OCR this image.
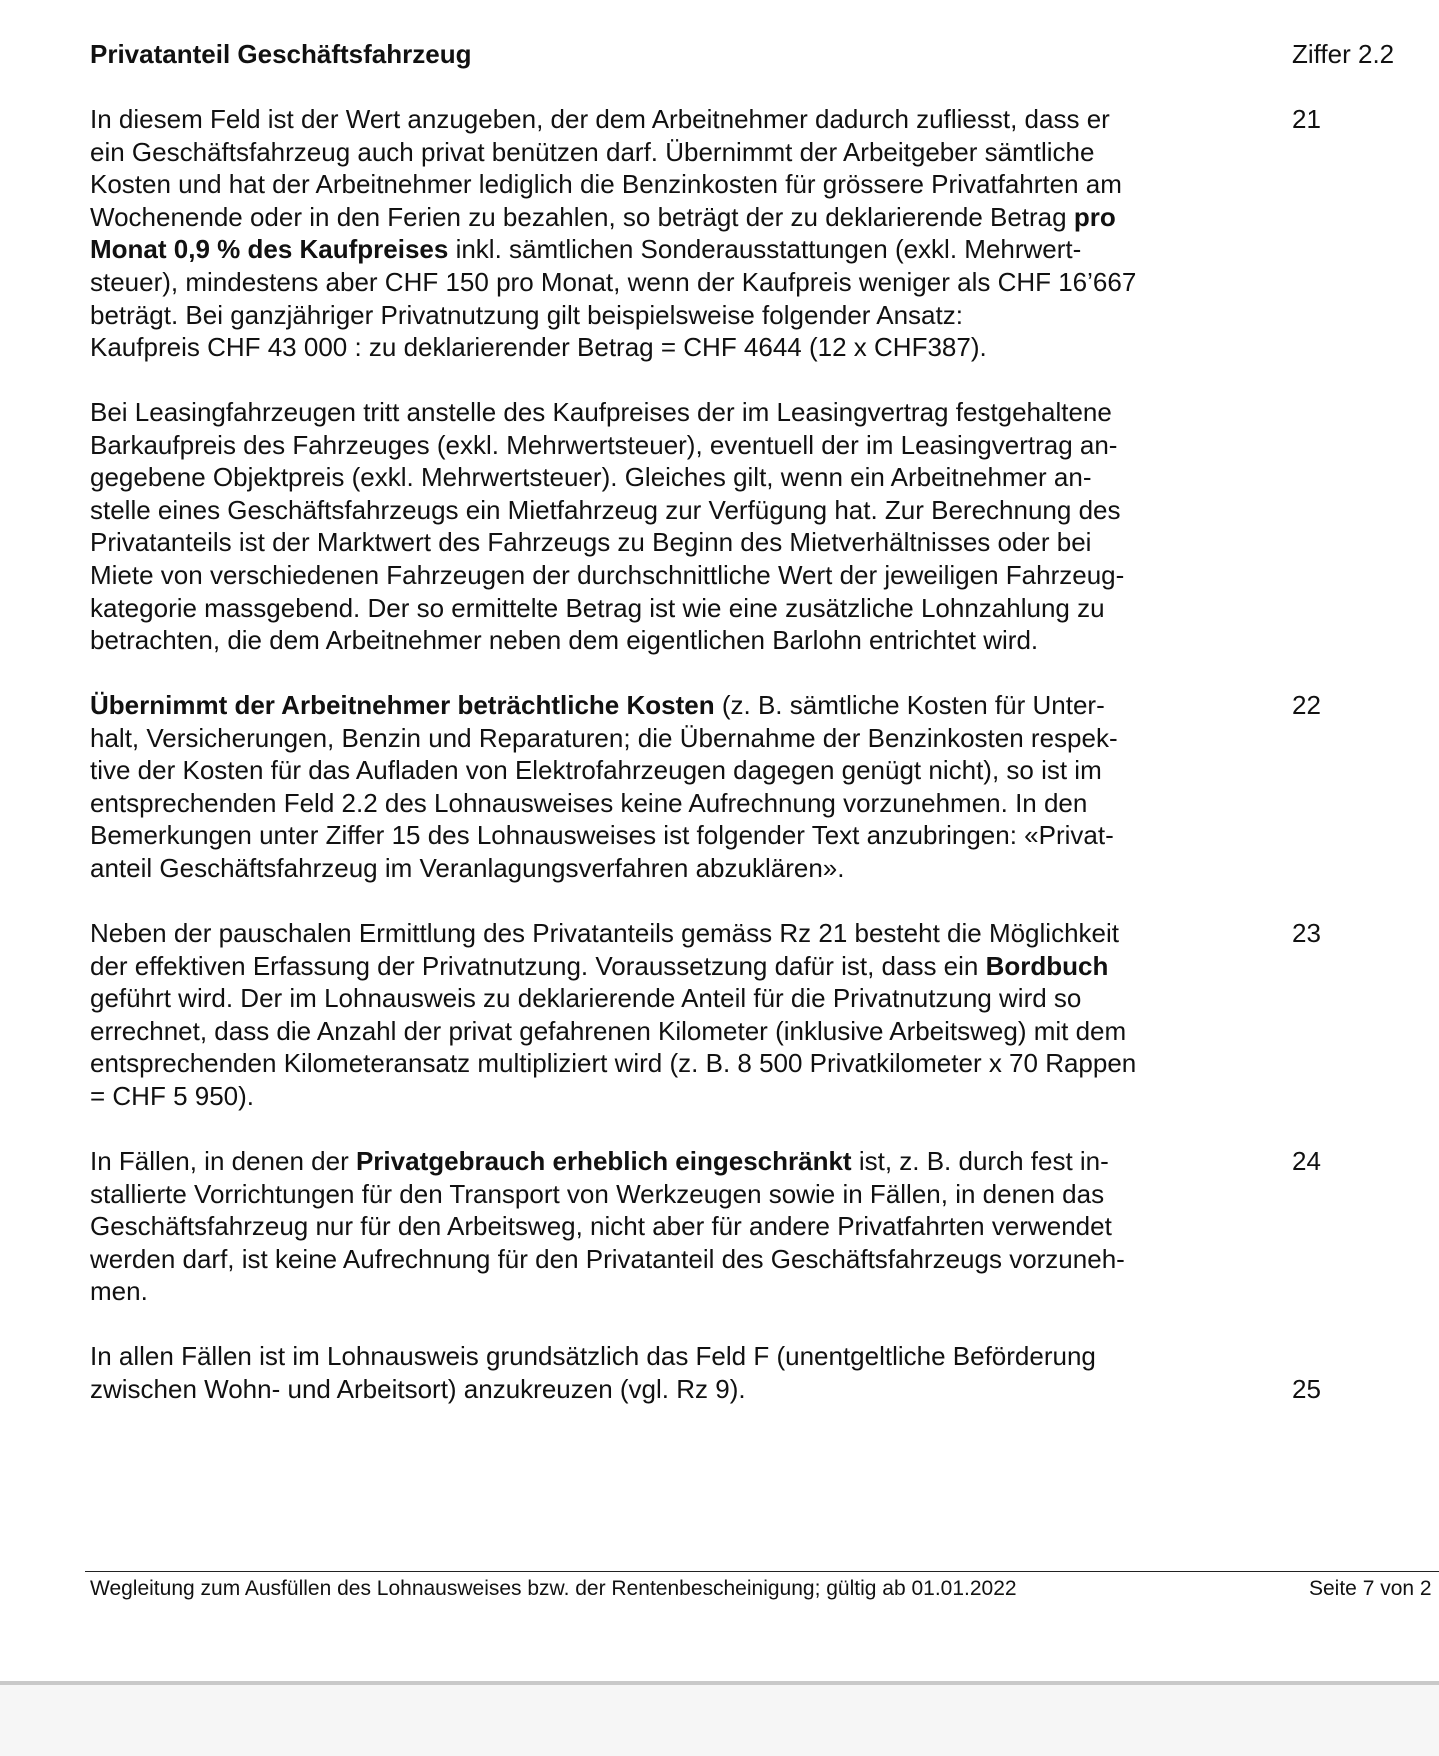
Privatanteil Geschäftsfahrzeug	Ziffer 2.2
In diesem Feld ist der Wert anzugeben, der dem Arbeitnehmer dadurch zufliesst, dass er
ein Geschäftsfahrzeug auch privat benützen darf. Übernimmt der Arbeitgeber sämtliche
Kosten und hat der Arbeitnehmer lediglich die Benzinkosten für grössere Privatfahrten am
Wochenende oder in den Ferien zu bezahlen, so beträgt der zu deklarierende Betrag pro
Monat 0,9 % des Kaufpreises inkl. sämtlichen Sonderausstattungen (exkl. Mehrwert-
steuer), mindestens aber CHF 150 pro Monat, wenn der Kaufpreis weniger als CHF 16’667
beträgt. Bei ganzjähriger Privatnutzung gilt beispielsweise folgender Ansatz:
Kaufpreis CHF 43 000 : zu deklarierender Betrag = CHF 4644 (12 x CHF387).
21
Bei Leasingfahrzeugen tritt anstelle des Kaufpreises der im Leasingvertrag festgehaltene
Barkaufpreis des Fahrzeuges (exkl. Mehrwertsteuer), eventuell der im Leasingvertrag an-
gegebene Objektpreis (exkl. Mehrwertsteuer). Gleiches gilt, wenn ein Arbeitnehmer an-
stelle eines Geschäftsfahrzeugs ein Mietfahrzeug zur Verfügung hat. Zur Berechnung des
Privatanteils ist der Marktwert des Fahrzeugs zu Beginn des Mietverhältnisses oder bei
Miete von verschiedenen Fahrzeugen der durchschnittliche Wert der jeweiligen Fahrzeug-
kategorie massgebend. Der so ermittelte Betrag ist wie eine zusätzliche Lohnzahlung zu
betrachten, die dem Arbeitnehmer neben dem eigentlichen Barlohn entrichtet wird.
Übernimmt der Arbeitnehmer beträchtliche Kosten (z. B. sämtliche Kosten für Unter-
halt, Versicherungen, Benzin und Reparaturen; die Übernahme der Benzinkosten respek-
tive der Kosten für das Aufladen von Elektrofahrzeugen dagegen genügt nicht), so ist im
entsprechenden Feld 2.2 des Lohnausweises keine Aufrechnung vorzunehmen. In den
Bemerkungen unter Ziffer 15 des Lohnausweises ist folgender Text anzubringen: «Privat-
anteil Geschäftsfahrzeug im Veranlagungsverfahren abzuklären».
22
Neben der pauschalen Ermittlung des Privatanteils gemäss Rz 21 besteht die Möglichkeit
der effektiven Erfassung der Privatnutzung. Voraussetzung dafür ist, dass ein Bordbuch
geführt wird. Der im Lohnausweis zu deklarierende Anteil für die Privatnutzung wird so
errechnet, dass die Anzahl der privat gefahrenen Kilometer (inklusive Arbeitsweg) mit dem
entsprechenden Kilometeransatz multipliziert wird (z. B. 8 500 Privatkilometer x 70 Rappen
= CHF 5 950).
23
In Fällen, in denen der Privatgebrauch erheblich eingeschränkt ist, z. B. durch fest in-
stallierte Vorrichtungen für den Transport von Werkzeugen sowie in Fällen, in denen das
Geschäftsfahrzeug nur für den Arbeitsweg, nicht aber für andere Privatfahrten verwendet
werden darf, ist keine Aufrechnung für den Privatanteil des Geschäftsfahrzeugs vorzuneh-
men.
24
In allen Fällen ist im Lohnausweis grundsätzlich das Feld F (unentgeltliche Beförderung
zwischen Wohn- und Arbeitsort) anzukreuzen (vgl. Rz 9).	25
Wegleitung zum Ausfüllen des Lohnausweises bzw. der Rentenbescheinigung; gültig ab 01.01.2022	Seite 7 von 2
